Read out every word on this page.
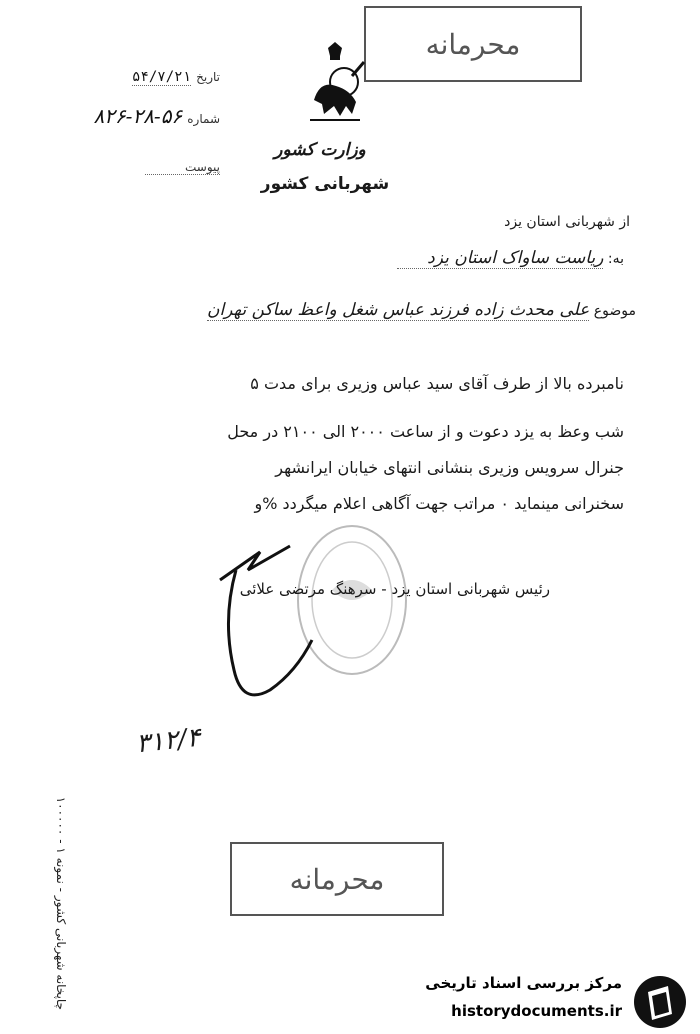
محرمانه
تاریخ ۵۴/۷/۲۱
شماره ۵۶-۲۸-۸۲۶
پیوست
وزارت کشور
شهربانی کشور
از شهربانی استان یزد
به: ریاست ساواک استان یزد
موضوع علی محدث زاده فرزند عباس شغل واعظ ساکن تهران
نامبرده بالا از طرف آقای سید عباس وزیری برای مدت ۵
شب وعظ به یزد دعوت و از ساعت ۲۰۰۰ الی ۲۱۰۰ در محل
جنرال سرویس وزیری بنشانی انتهای خیابان ایرانشهر
سخنرانی مینماید ۰ مراتب جهت آگاهی اعلام میگردد %و
رئیس شهربانی استان یزد - سرهنگ مرتضی علائی
۳۱۲/۴
محرمانه
چاپخانه شهربانی کشور - نمونه ۱ - ۱۰۰۰۰۰	مرکز بررسی اسناد تاریخی
historydocuments.ir
